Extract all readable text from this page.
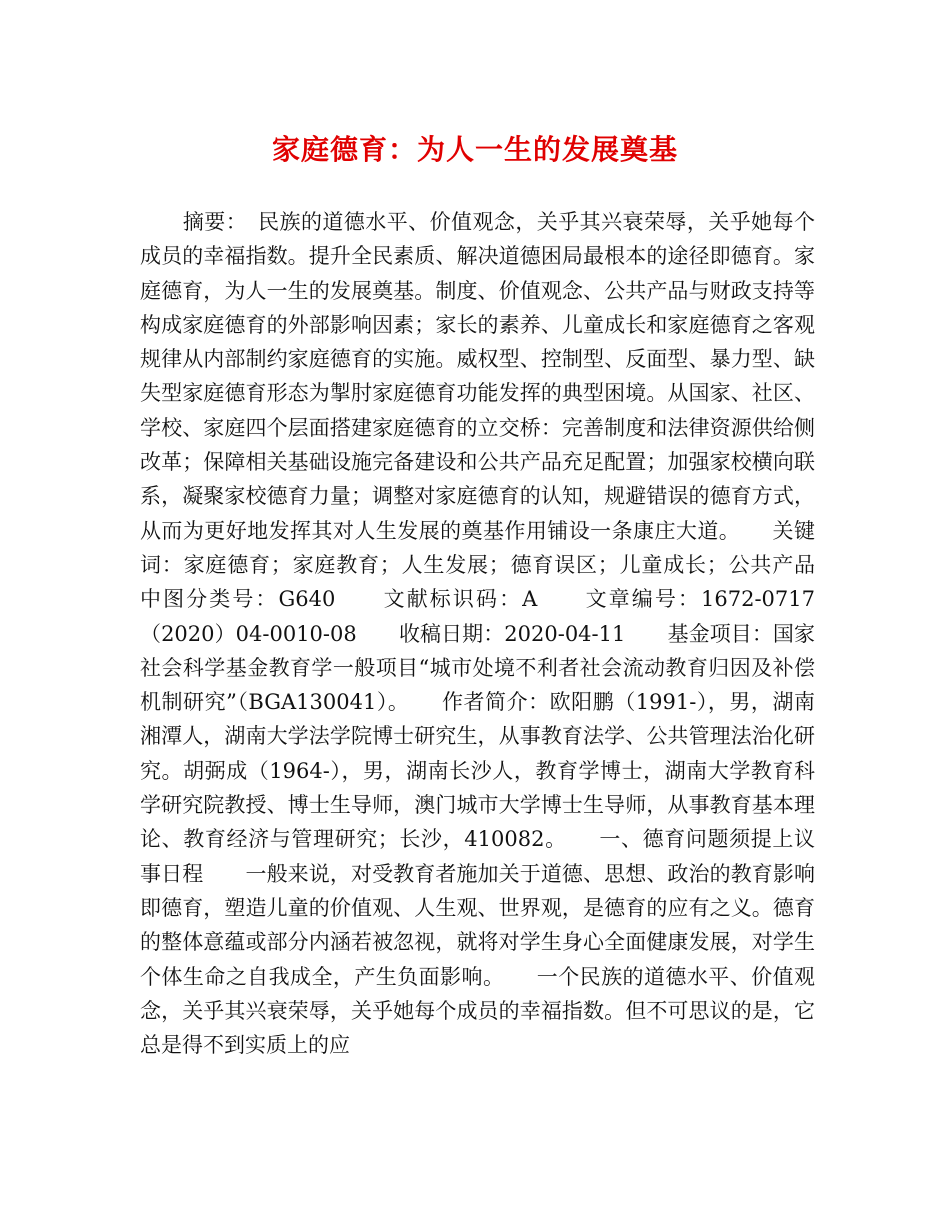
家庭德育：为人一生的发展奠基

　　摘要：　民族的道德水平、价值观念，关乎其兴衰荣辱，关乎她每个成员的幸福指数。提升全民素质、解决道德困局最根本的途径即德育。家庭德育，为人一生的发展奠基。制度、价值观念、公共产品与财政支持等构成家庭德育的外部影响因素；家长的素养、儿童成长和家庭德育之客观规律从内部制约家庭德育的实施。威权型、控制型、反面型、暴力型、缺失型家庭德育形态为掣肘家庭德育功能发挥的典型困境。从国家、社区、学校、家庭四个层面搭建家庭德育的立交桥：完善制度和法律资源供给侧改革；保障相关基础设施完备建设和公共产品充足配置；加强家校横向联系，凝聚家校德育力量；调整对家庭德育的认知，规避错误的德育方式，从而为更好地发挥其对人生发展的奠基作用铺设一条康庄大道。　　关键词：家庭德育；家庭教育；人生发展；德育误区；儿童成长；公共产品　　中图分类号：G640　　文献标识码：A　　文章编号：1672-0717（2020）04-0010-08　　收稿日期：2020-04-11　　基金项目：国家社会科学基金教育学一般项目“城市处境不利者社会流动教育归因及补偿机制研究”（BGA130041）。　　作者简介：欧阳鹏（1991-），男，湖南湘潭人，湖南大学法学院博士研究生，从事教育法学、公共管理法治化研究。胡弼成（1964-），男，湖南长沙人，教育学博士，湖南大学教育科学研究院教授、博士生导师，澳门城市大学博士生导师，从事教育基本理论、教育经济与管理研究；长沙，410082。　　一、德育问题须提上议事日程　　一般来说，对受教育者施加关于道德、思想、政治的教育影响即德育，塑造儿童的价值观、人生观、世界观，是德育的应有之义。德育的整体意蕴或部分内涵若被忽视，就将对学生身心全面健康发展，对学生个体生命之自我成全，产生负面影响。　　一个民族的道德水平、价值观念，关乎其兴衰荣辱，关乎她每个成员的幸福指数。但不可思议的是，它总是得不到实质上的应
